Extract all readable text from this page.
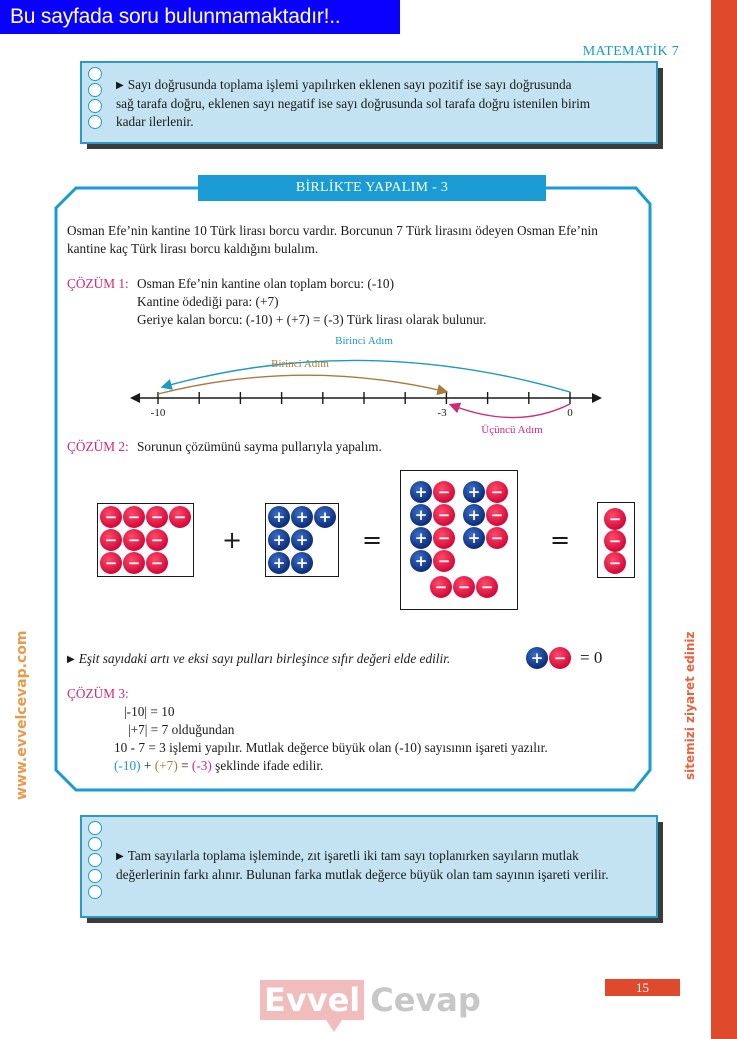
Bu sayfada soru bulunmamaktadır!..
MATEMATİK 7
▶ Sayı doğrusunda toplama işlemi yapılırken eklenen sayı pozitif ise sayı doğrusunda
sağ tarafa doğru, eklenen sayı negatif ise sayı doğrusunda sol tarafa doğru istenilen birim
kadar ilerlenir.
BİRLİKTE YAPALIM - 3
Osman Efe’nin kantine 10 Türk lirası borcu vardır. Borcunun 7 Türk lirasını ödeyen Osman Efe’nin
kantine kaç Türk lirası borcu kaldığını bulalım.
ÇÖZÜM 1: Osman Efe’nin kantine olan toplam borcu: (-10)
Kantine ödediği para: (+7)
Geriye kalan borcu: (-10) + (+7) = (-3) Türk lirası olarak bulunur.
Birinci Adım
Birinci Adım
-10	-3	0
Üçüncü Adım
ÇÖZÜM 2: Sorunun çözümünü sayma pullarıyla yapalım.
− − − −
− − −
− − −
+
+ + +
+ +
+ +
=
+ −
+ −
+ −
+ −
+ −
+ −
+ −
− − −
=
−
−
−
▶ Eşit sayıdaki artı ve eksi sayı pulları birleşince sıfır değeri elde edilir.	+ − = 0
ÇÖZÜM 3:
|-10| = 10
|+7| = 7 olduğundan
10 - 7 = 3 işlemi yapılır. Mutlak değerce büyük olan (-10) sayısının işareti yazılır.
(-10) + (+7) = (-3) şeklinde ifade edilir.
▶ Tam sayılarla toplama işleminde, zıt işaretli iki tam sayı toplanırken sayıların mutlak
değerlerinin farkı alınır. Bulunan farka mutlak değerce büyük olan tam sayının işareti verilir.
Evvel Cevap	15
www.evvelcevap.com	sitemizi ziyaret ediniz
